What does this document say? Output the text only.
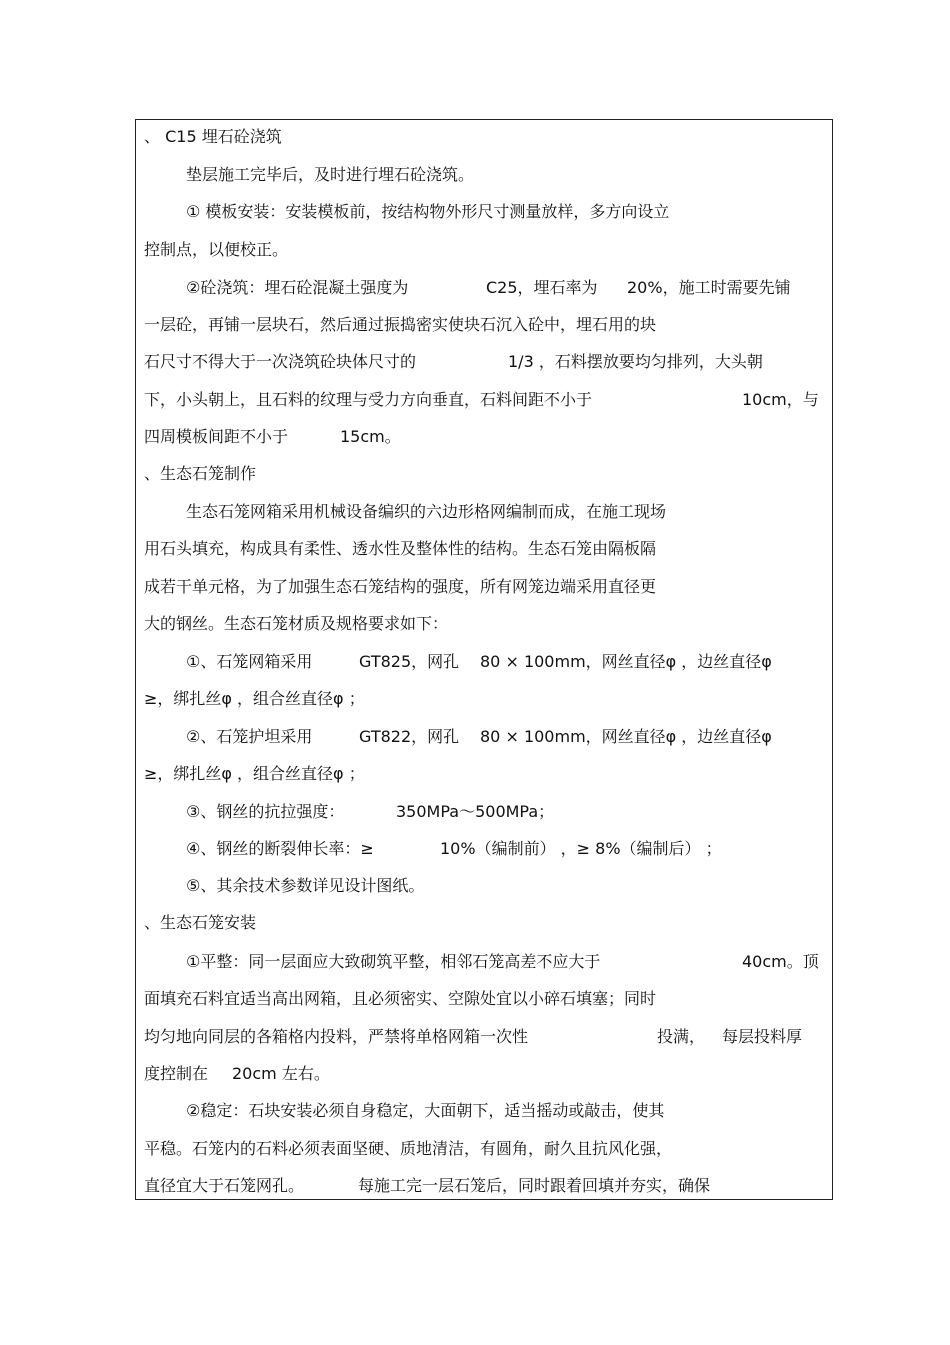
、 C15 埋石砼浇筑
垫层施工完毕后，及时进行埋石砼浇筑。
① 模板安装：安装模板前，按结构物外形尺寸测量放样，多方向设立
控制点，以便校正。
②砼浇筑：埋石砼混凝土强度为	C25，埋石率为 20%，施工时需要先铺
一层砼，再铺一层块石，然后通过振捣密实使块石沉入砼中，埋石用的块
石尺寸不得大于一次浇筑砼块体尺寸的	1/3 ，石料摆放要均匀排列，大头朝
下，小头朝上，且石料的纹理与受力方向垂直，石料间距不小于	10cm，与
四周模板间距不小于	15cm。
、生态石笼制作
生态石笼网箱采用机械设备编织的六边形格网编制而成，在施工现场
用石头填充，构成具有柔性、透水性及整体性的结构。生态石笼由隔板隔
成若干单元格，为了加强生态石笼结构的强度，所有网笼边端采用直径更
大的钢丝。生态石笼材质及规格要求如下：
①、石笼网箱采用	GT825，网孔 80 × 100mm，网丝直径φ ，边丝直径φ
≥，绑扎丝φ ，组合丝直径φ ；
②、石笼护坦采用	GT822，网孔 80 × 100mm，网丝直径φ ，边丝直径φ
≥，绑扎丝φ ，组合丝直径φ ；
③、钢丝的抗拉强度：	350MPa～500MPa；
④、钢丝的断裂伸长率：≥	10%（编制前） ，≥ 8%（编制后） ；
⑤、其余技术参数详见设计图纸。
、生态石笼安装
①平整：同一层面应大致砌筑平整，相邻石笼高差不应大于	40cm。顶
面填充石料宜适当高出网箱，且必须密实、空隙处宜以小碎石填塞；同时
均匀地向同层的各箱格内投料，严禁将单格网箱一次性	投满， 每层投料厚
度控制在 20cm 左右。
②稳定：石块安装必须自身稳定，大面朝下，适当摇动或敲击，使其
平稳。石笼内的石料必须表面坚硬、质地清洁，有圆角，耐久且抗风化强，
直径宜大于石笼网孔。	每施工完一层石笼后，同时跟着回填并夯实，确保
